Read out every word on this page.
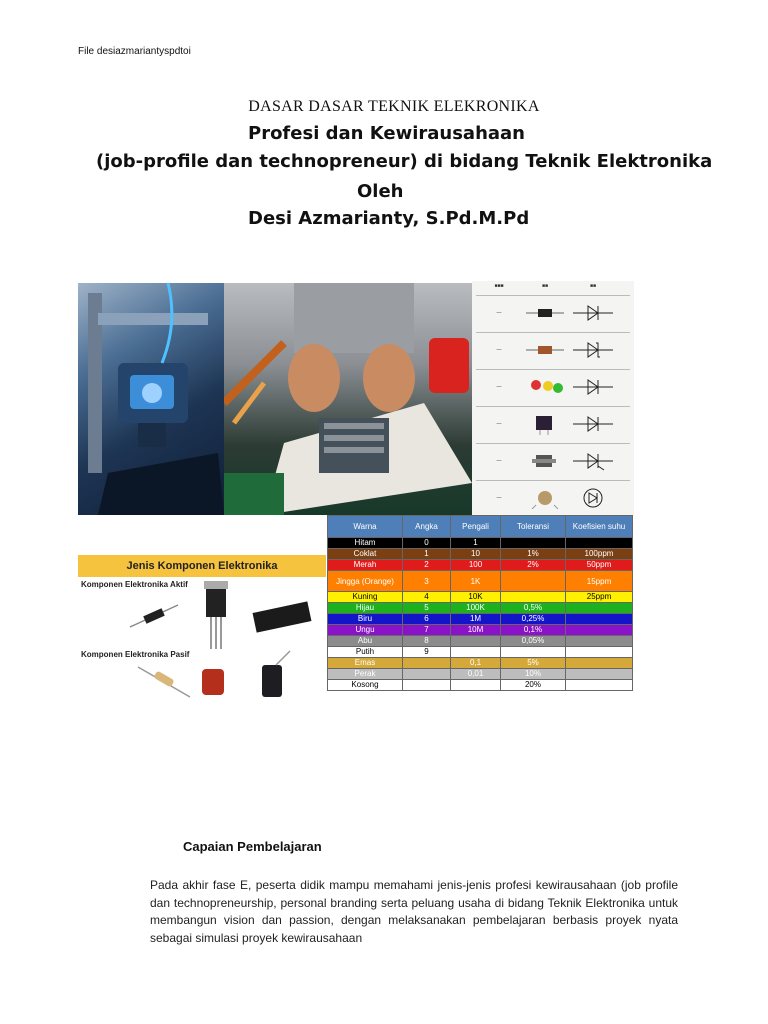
File desiazmariantyspdtoi
DASAR DASAR TEKNIK ELEKRONIKA
Profesi dan Kewirausahaan
(job-profile dan technopreneur) di bidang Teknik Elektronika
Oleh
Desi Azmarianty, S.Pd.M.Pd
■■■	■■	■■
—
—
—
—
—
—
Jenis Komponen Elektronika
Komponen Elektronika Aktif
Komponen Elektronika Pasif
Warna	Angka	Pengali	Toleransi	Koefisien suhu
Hitam	0	1		
Coklat	1	10	1%	100ppm
Merah	2	100	2%	50ppm
Jingga (Orange)	3	1K		15ppm
Kuning	4	10K		25ppm
Hijau	5	100K	0,5%	
Biru	6	1M	0,25%	
Ungu	7	10M	0,1%	
Abu	8		0,05%	
Putih	9			
Emas		0,1	5%	
Perak		0,01	10%	
Kosong			20%	
Capaian Pembelajaran
Pada akhir fase E, peserta didik mampu memahami jenis-jenis profesi kewirausahaan (job profile dan technopreneurship, personal branding serta peluang usaha di bidang Teknik Elektronika untuk membangun vision dan passion, dengan melaksanakan pembelajaran berbasis proyek nyata sebagai simulasi proyek kewirausahaan
